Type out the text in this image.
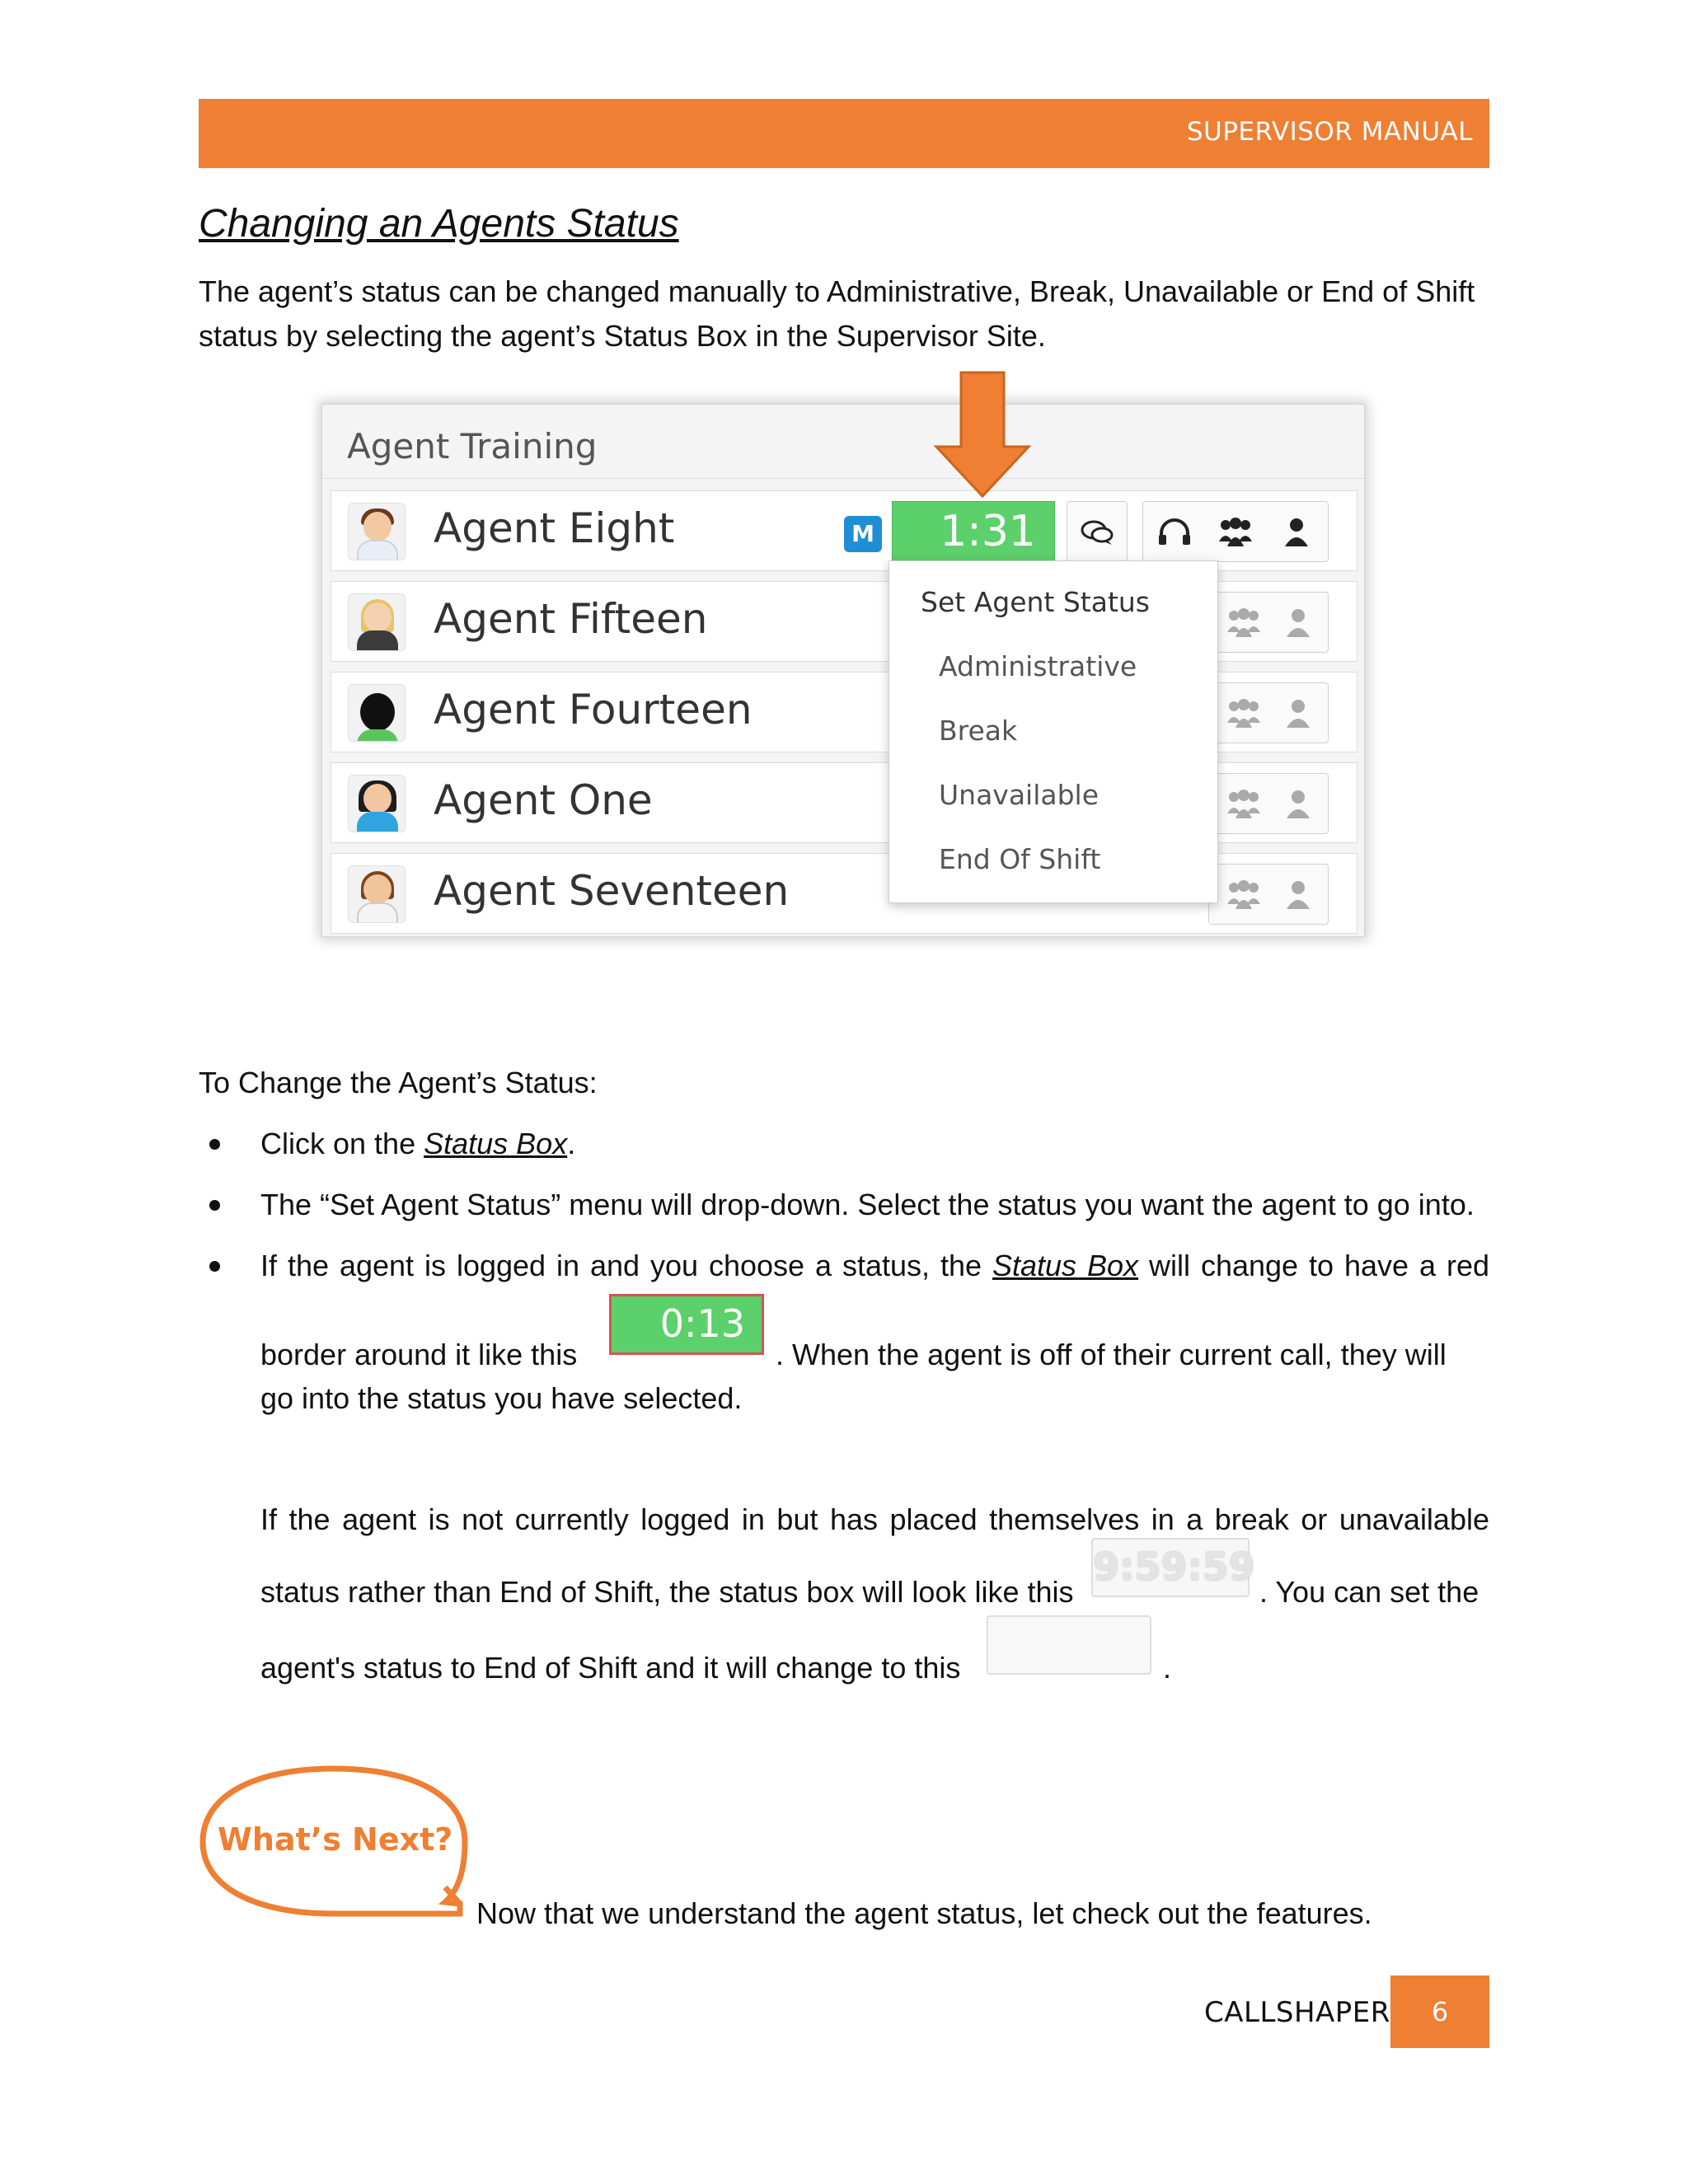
SUPERVISOR MANUAL
Changing an Agents Status
The agent’s status can be changed manually to Administrative, Break, Unavailable or End of Shift
status by selecting the agent’s Status Box in the Supervisor Site.
Agent Training
Agent Eight	M	1:31
Agent Fifteen
Agent Fourteen
Agent One
Agent Seventeen
Set Agent Status
Administrative
Break
Unavailable
End Of Shift
To Change the Agent’s Status:
Click on the Status Box.
The “Set Agent Status” menu will drop-down. Select the status you want the agent to go into.
If the agent is logged in and you choose a status, the Status Box will change to have a red
border around it like this
0:13
. When the agent is off of their current call, they will
go into the status you have selected.
If the agent is not currently logged in but has placed themselves in a break or unavailable
status rather than End of Shift, the status box will look like this
9:59:59
. You can set the
agent's status to End of Shift and it will change to this	.
What’s Next?
Now that we understand the agent status, let check out the features.
CALLSHAPER	6
